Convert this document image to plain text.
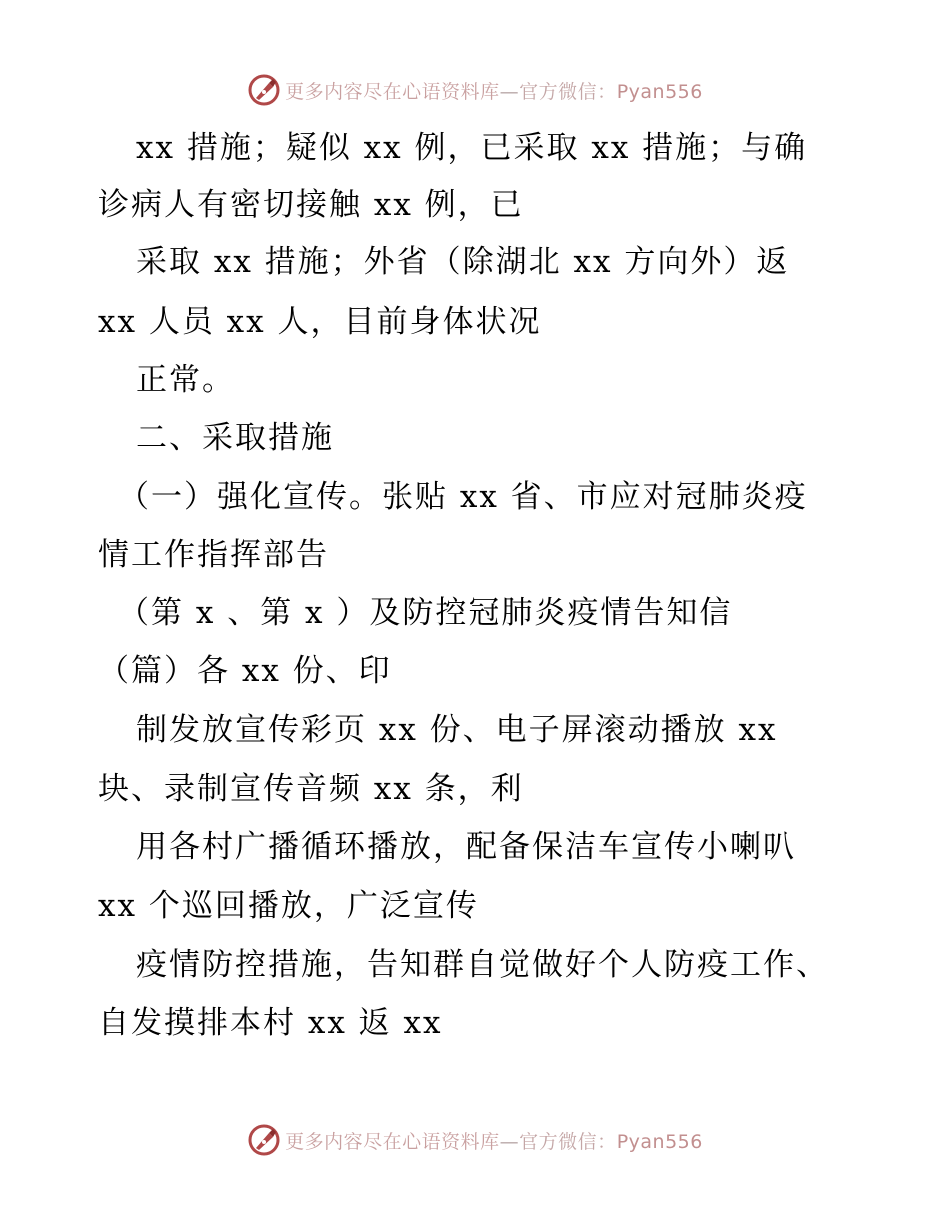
更多内容尽在心语资料库—官方微信：Pyan556
xx 措施；疑似 xx 例，已采取 xx 措施；与确
诊病人有密切接触 xx 例，已
采取 xx 措施；外省（除湖北 xx 方向外）返
xx 人员 xx 人，目前身体状况
正常。
二、采取措施
（一）强化宣传。张贴 xx 省、市应对冠肺炎疫
情工作指挥部告
（第 x 、第 x ）及防控冠肺炎疫情告知信
（篇）各 xx 份、印
制发放宣传彩页 xx 份、电子屏滚动播放 xx
块、录制宣传音频 xx 条，利
用各村广播循环播放，配备保洁车宣传小喇叭
xx 个巡回播放，广泛宣传
疫情防控措施，告知群自觉做好个人防疫工作、
自发摸排本村 xx 返 xx
更多内容尽在心语资料库—官方微信：Pyan556
